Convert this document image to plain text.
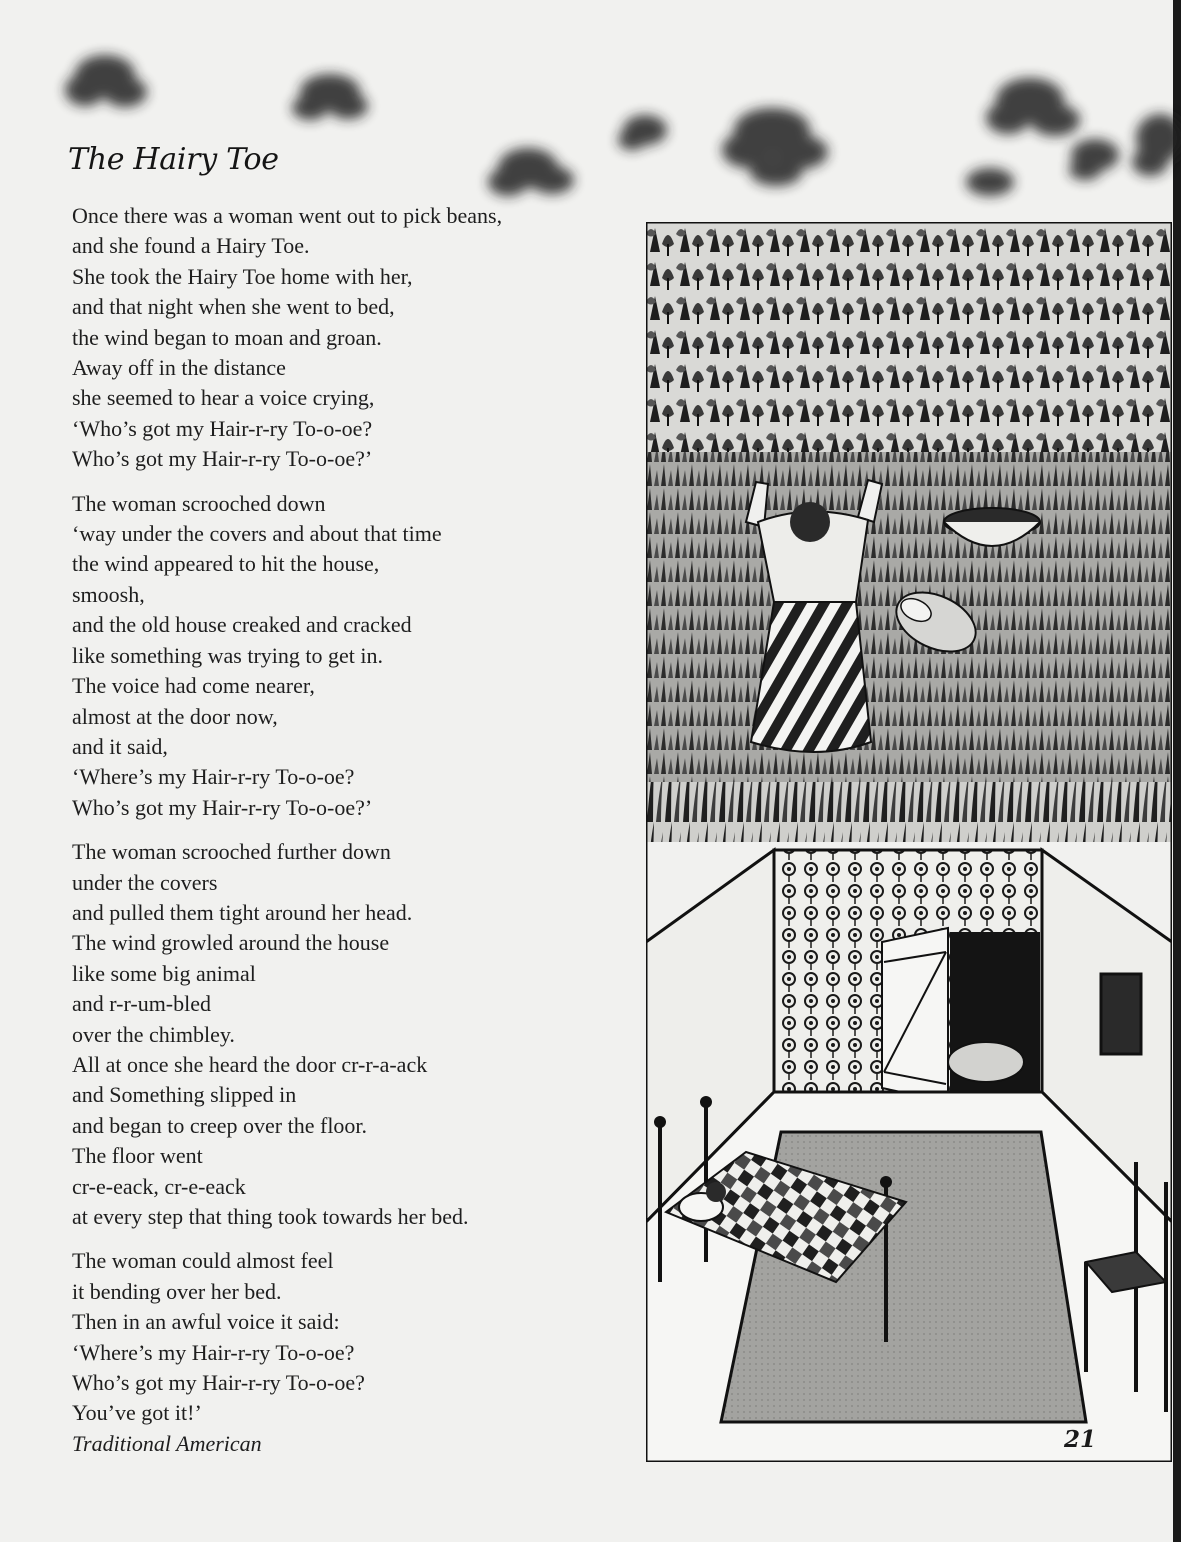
The Hairy Toe
Once there was a woman went out to pick beans,
and she found a Hairy Toe.
She took the Hairy Toe home with her,
and that night when she went to bed,
the wind began to moan and groan.
Away off in the distance
she seemed to hear a voice crying,
‘Who’s got my Hair-r-ry To-o-oe?
Who’s got my Hair-r-ry To-o-oe?’
The woman scrooched down
‘way under the covers and about that time
the wind appeared to hit the house,
smoosh,
and the old house creaked and cracked
like something was trying to get in.
The voice had come nearer,
almost at the door now,
and it said,
‘Where’s my Hair-r-ry To-o-oe?
Who’s got my Hair-r-ry To-o-oe?’
The woman scrooched further down
under the covers
and pulled them tight around her head.
The wind growled around the house
like some big animal
and r-r-um-bled
over the chimbley.
All at once she heard the door cr-r-a-ack
and Something slipped in
and began to creep over the floor.
The floor went
cr-e-eack, cr-e-eack
at every step that thing took towards her bed.
The woman could almost feel
it bending over her bed.
Then in an awful voice it said:
‘Where’s my Hair-r-ry To-o-oe?
Who’s got my Hair-r-ry To-o-oe?
You’ve got it!’
Traditional American	21
